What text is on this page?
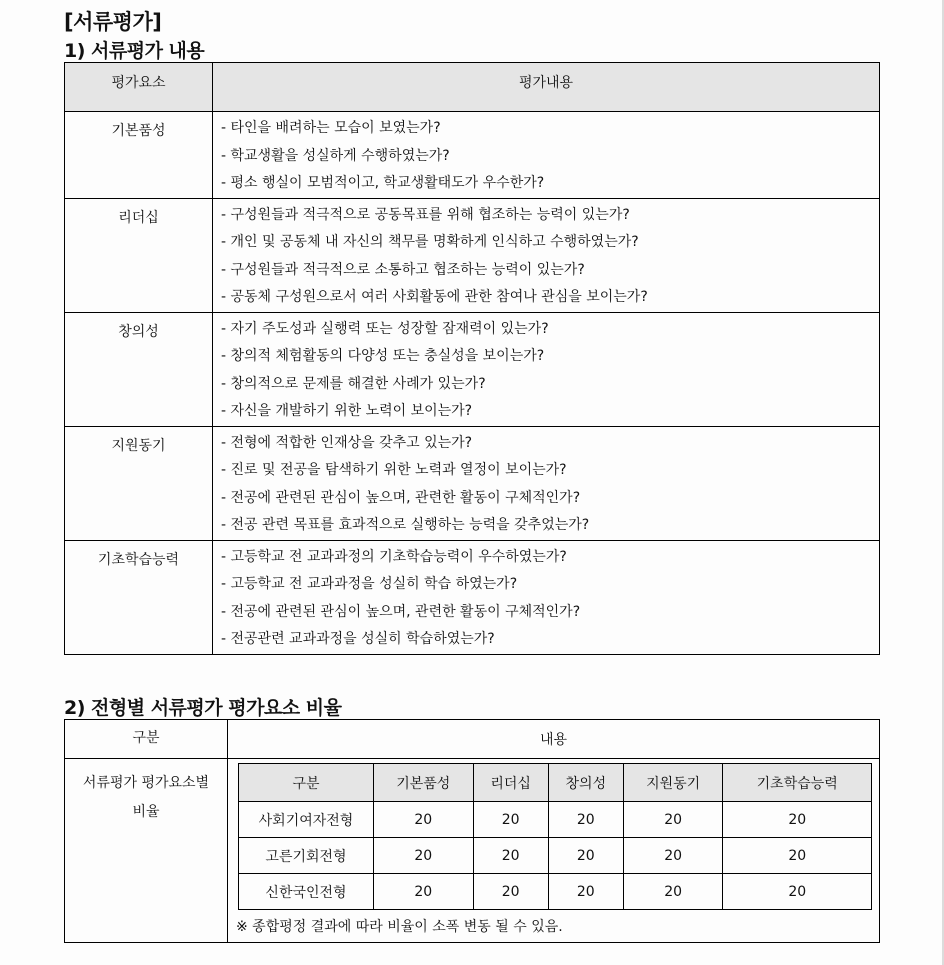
[서류평가]
1) 서류평가 내용
평가요소	평가내용
기본품성	- 타인을 배려하는 모습이 보였는가?
- 학교생활을 성실하게 수행하였는가?
- 평소 행실이 모범적이고, 학교생활태도가 우수한가?

리더십	- 구성원들과 적극적으로 공동목표를 위해 협조하는 능력이 있는가?
- 개인 및 공동체 내 자신의 책무를 명확하게 인식하고 수행하였는가?
- 구성원들과 적극적으로 소통하고 협조하는 능력이 있는가?
- 공동체 구성원으로서 여러 사회활동에 관한 참여나 관심을 보이는가?

창의성	- 자기 주도성과 실행력 또는 성장할 잠재력이 있는가?
- 창의적 체험활동의 다양성 또는 충실성을 보이는가?
- 창의적으로 문제를 해결한 사례가 있는가?
- 자신을 개발하기 위한 노력이 보이는가?

지원동기	- 전형에 적합한 인재상을 갖추고 있는가?
- 진로 및 전공을 탐색하기 위한 노력과 열정이 보이는가?
- 전공에 관련된 관심이 높으며, 관련한 활동이 구체적인가?
- 전공 관련 목표를 효과적으로 실행하는 능력을 갖추었는가?

기초학습능력	- 고등학교 전 교과과정의 기초학습능력이 우수하였는가?
- 고등학교 전 교과과정을 성실히 학습 하였는가?
- 전공에 관련된 관심이 높으며, 관련한 활동이 구체적인가?
- 전공관련 교과과정을 성실히 학습하였는가?
2) 전형별 서류평가 평가요소 비율
구분	내용

서류평가 평가요소별
비율

구분	기본품성	리더십	창의성	지원동기	기초학습능력
사회기여자전형	20	20	20	20	20
고른기회전형	20	20	20	20	20
신한국인전형	20	20	20	20	20
※ 종합평정 결과에 따라 비율이 소폭 변동 될 수 있음.
